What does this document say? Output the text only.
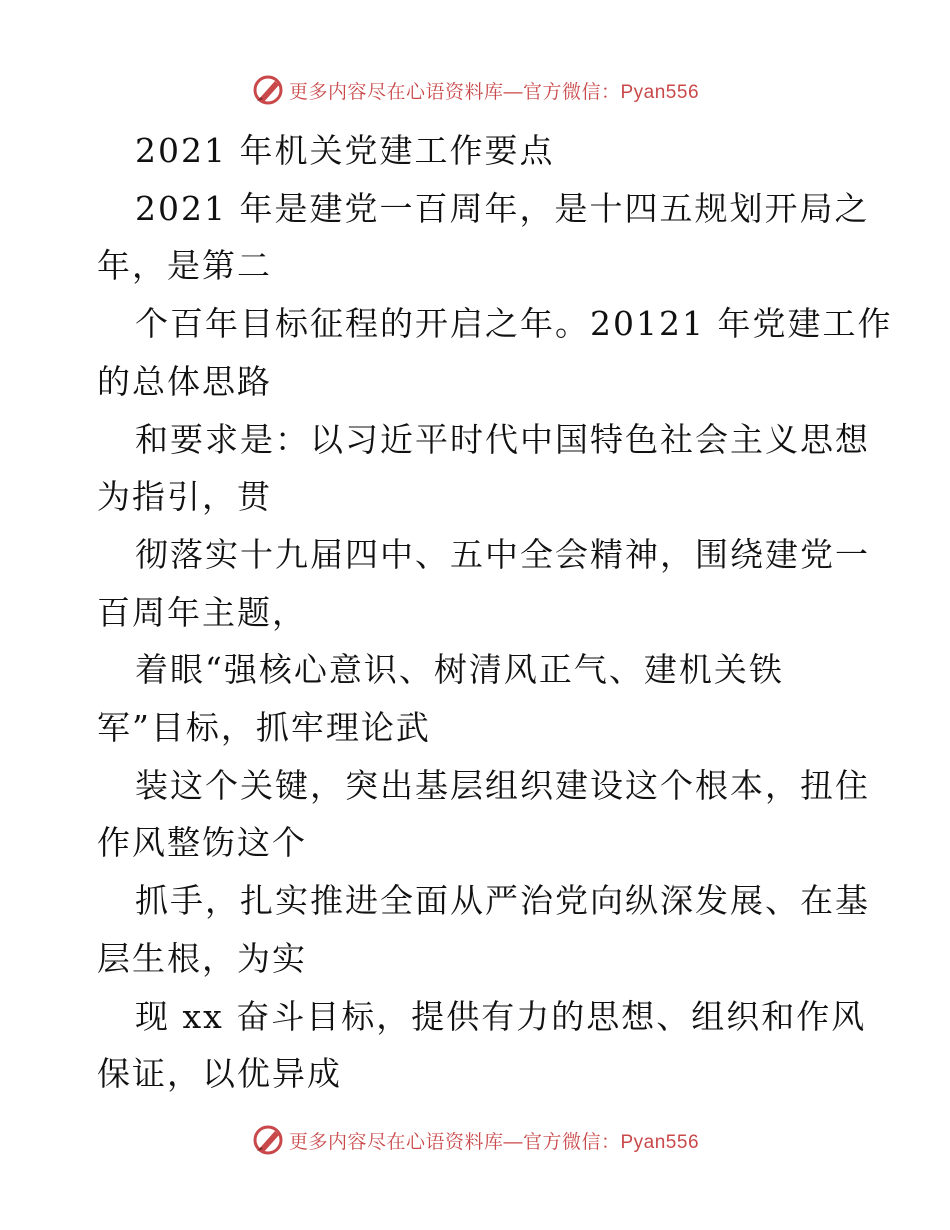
更多内容尽在心语资料库—官方微信：Pyan556
2021 年机关党建工作要点
2021 年是建党一百周年，是十四五规划开局之
年，是第二
个百年目标征程的开启之年。20121 年党建工作
的总体思路
和要求是：以习近平时代中国特色社会主义思想
为指引，贯
彻落实十九届四中、五中全会精神，围绕建党一
百周年主题，
着眼“强核心意识、树清风正气、建机关铁
军”目标，抓牢理论武
装这个关键，突出基层组织建设这个根本，扭住
作风整饬这个
抓手，扎实推进全面从严治党向纵深发展、在基
层生根，为实
现 xx 奋斗目标，提供有力的思想、组织和作风
保证，以优异成
更多内容尽在心语资料库—官方微信：Pyan556
